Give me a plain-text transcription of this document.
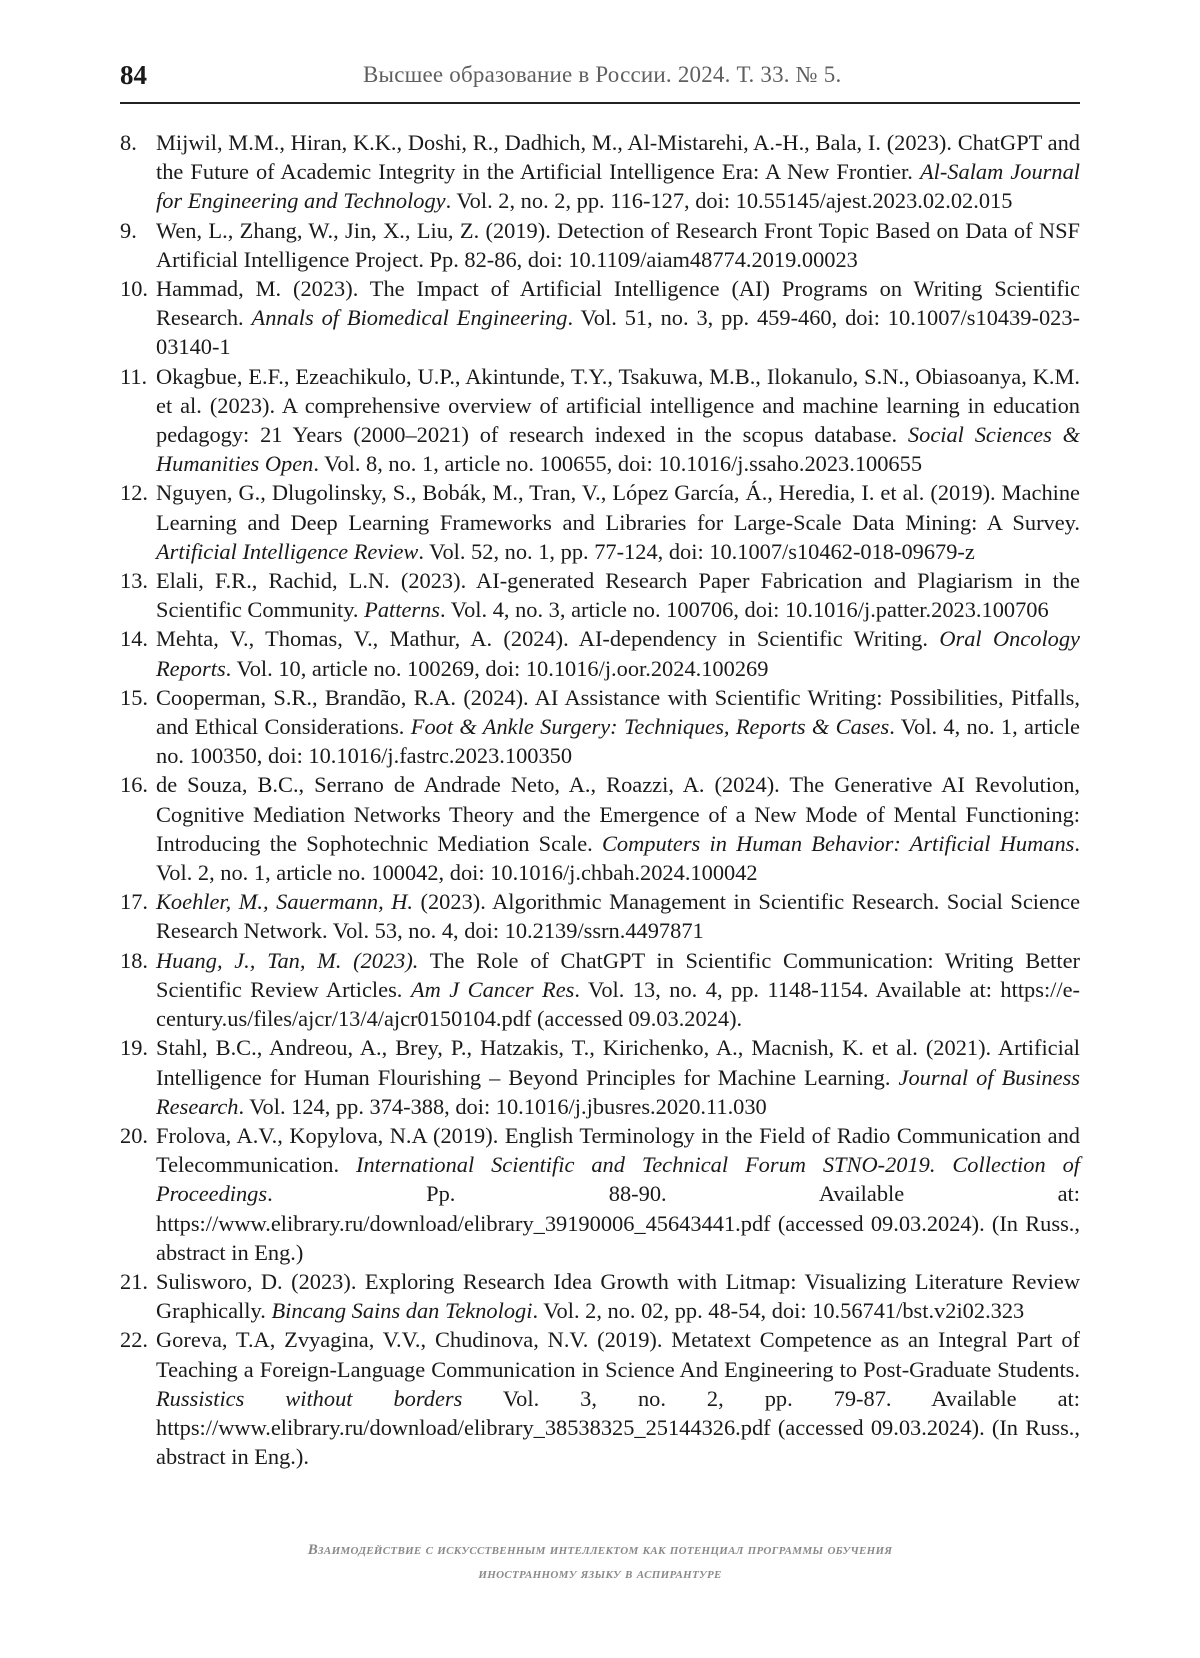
84	Высшее образование в России. 2024. Т. 33. № 5.
8. Mijwil, M.M., Hiran, K.K., Doshi, R., Dadhich, M., Al-Mistarehi, A.-H., Bala, I. (2023). ChatGPT and the Future of Academic Integrity in the Artificial Intelligence Era: A New Frontier. Al-Salam Journal for Engineering and Technology. Vol. 2, no. 2, pp. 116-127, doi: 10.55145/ajest.2023.02.02.015
9. Wen, L., Zhang, W., Jin, X., Liu, Z. (2019). Detection of Research Front Topic Based on Data of NSF Artificial Intelligence Project. Pp. 82-86, doi: 10.1109/aiam48774.2019.00023
10. Hammad, M. (2023). The Impact of Artificial Intelligence (AI) Programs on Writing Scientific Research. Annals of Biomedical Engineering. Vol. 51, no. 3, pp. 459-460, doi: 10.1007/s10439-023-03140-1
11. Okagbue, E.F., Ezeachikulo, U.P., Akintunde, T.Y., Tsakuwa, M.B., Ilokanulo, S.N., Obiasoanya, K.M. et al. (2023). A comprehensive overview of artificial intelligence and machine learning in education pedagogy: 21 Years (2000–2021) of research indexed in the scopus database. Social Sciences & Humanities Open. Vol. 8, no. 1, article no. 100655, doi: 10.1016/j.ssaho.2023.100655
12. Nguyen, G., Dlugolinsky, S., Bobák, M., Tran, V., López García, Á., Heredia, I. et al. (2019). Machine Learning and Deep Learning Frameworks and Libraries for Large-Scale Data Mining: A Survey. Artificial Intelligence Review. Vol. 52, no. 1, pp. 77-124, doi: 10.1007/s10462-018-09679-z
13. Elali, F.R., Rachid, L.N. (2023). AI-generated Research Paper Fabrication and Plagiarism in the Scientific Community. Patterns. Vol. 4, no. 3, article no. 100706, doi: 10.1016/j.patter.2023.100706
14. Mehta, V., Thomas, V., Mathur, A. (2024). AI-dependency in Scientific Writing. Oral Oncology Reports. Vol. 10, article no. 100269, doi: 10.1016/j.oor.2024.100269
15. Cooperman, S.R., Brandão, R.A. (2024). AI Assistance with Scientific Writing: Possibilities, Pitfalls, and Ethical Considerations. Foot & Ankle Surgery: Techniques, Reports & Cases. Vol. 4, no. 1, article no. 100350, doi: 10.1016/j.fastrc.2023.100350
16. de Souza, B.C., Serrano de Andrade Neto, A., Roazzi, A. (2024). The Generative AI Revolution, Cognitive Mediation Networks Theory and the Emergence of a New Mode of Mental Functioning: Introducing the Sophotechnic Mediation Scale. Computers in Human Behavior: Artificial Humans. Vol. 2, no. 1, article no. 100042, doi: 10.1016/j.chbah.2024.100042
17. Koehler, M., Sauermann, H. (2023). Algorithmic Management in Scientific Research. Social Science Research Network. Vol. 53, no. 4, doi: 10.2139/ssrn.4497871
18. Huang, J., Tan, M. (2023). The Role of ChatGPT in Scientific Communication: Writing Better Scientific Review Articles. Am J Cancer Res. Vol. 13, no. 4, pp. 1148-1154. Available at: https://e-century.us/files/ajcr/13/4/ajcr0150104.pdf (accessed 09.03.2024).
19. Stahl, B.C., Andreou, A., Brey, P., Hatzakis, T., Kirichenko, A., Macnish, K. et al. (2021). Artificial Intelligence for Human Flourishing – Beyond Principles for Machine Learning. Journal of Business Research. Vol. 124, pp. 374-388, doi: 10.1016/j.jbusres.2020.11.030
20. Frolova, A.V., Kopylova, N.A (2019). English Terminology in the Field of Radio Communication and Telecommunication. International Scientific and Technical Forum STNO-2019. Collection of Proceedings. Pp. 88-90. Available at: https://www.elibrary.ru/download/elibrary_39190006_45643441.pdf (accessed 09.03.2024). (In Russ., abstract in Eng.)
21. Sulisworo, D. (2023). Exploring Research Idea Growth with Litmap: Visualizing Literature Review Graphically. Bincang Sains dan Teknologi. Vol. 2, no. 02, pp. 48-54, doi: 10.56741/bst.v2i02.323
22. Goreva, T.A, Zvyagina, V.V., Chudinova, N.V. (2019). Metatext Competence as an Integral Part of Teaching a Foreign-Language Communication in Science And Engineering to Post-Graduate Students. Russistics without borders Vol. 3, no. 2, pp. 79-87. Available at: https://www.elibrary.ru/download/elibrary_38538325_25144326.pdf (accessed 09.03.2024). (In Russ., abstract in Eng.).
Взаимодействие с искусственным интеллектом как потенциал программы обучения
иностранному языку в аспирантуре
